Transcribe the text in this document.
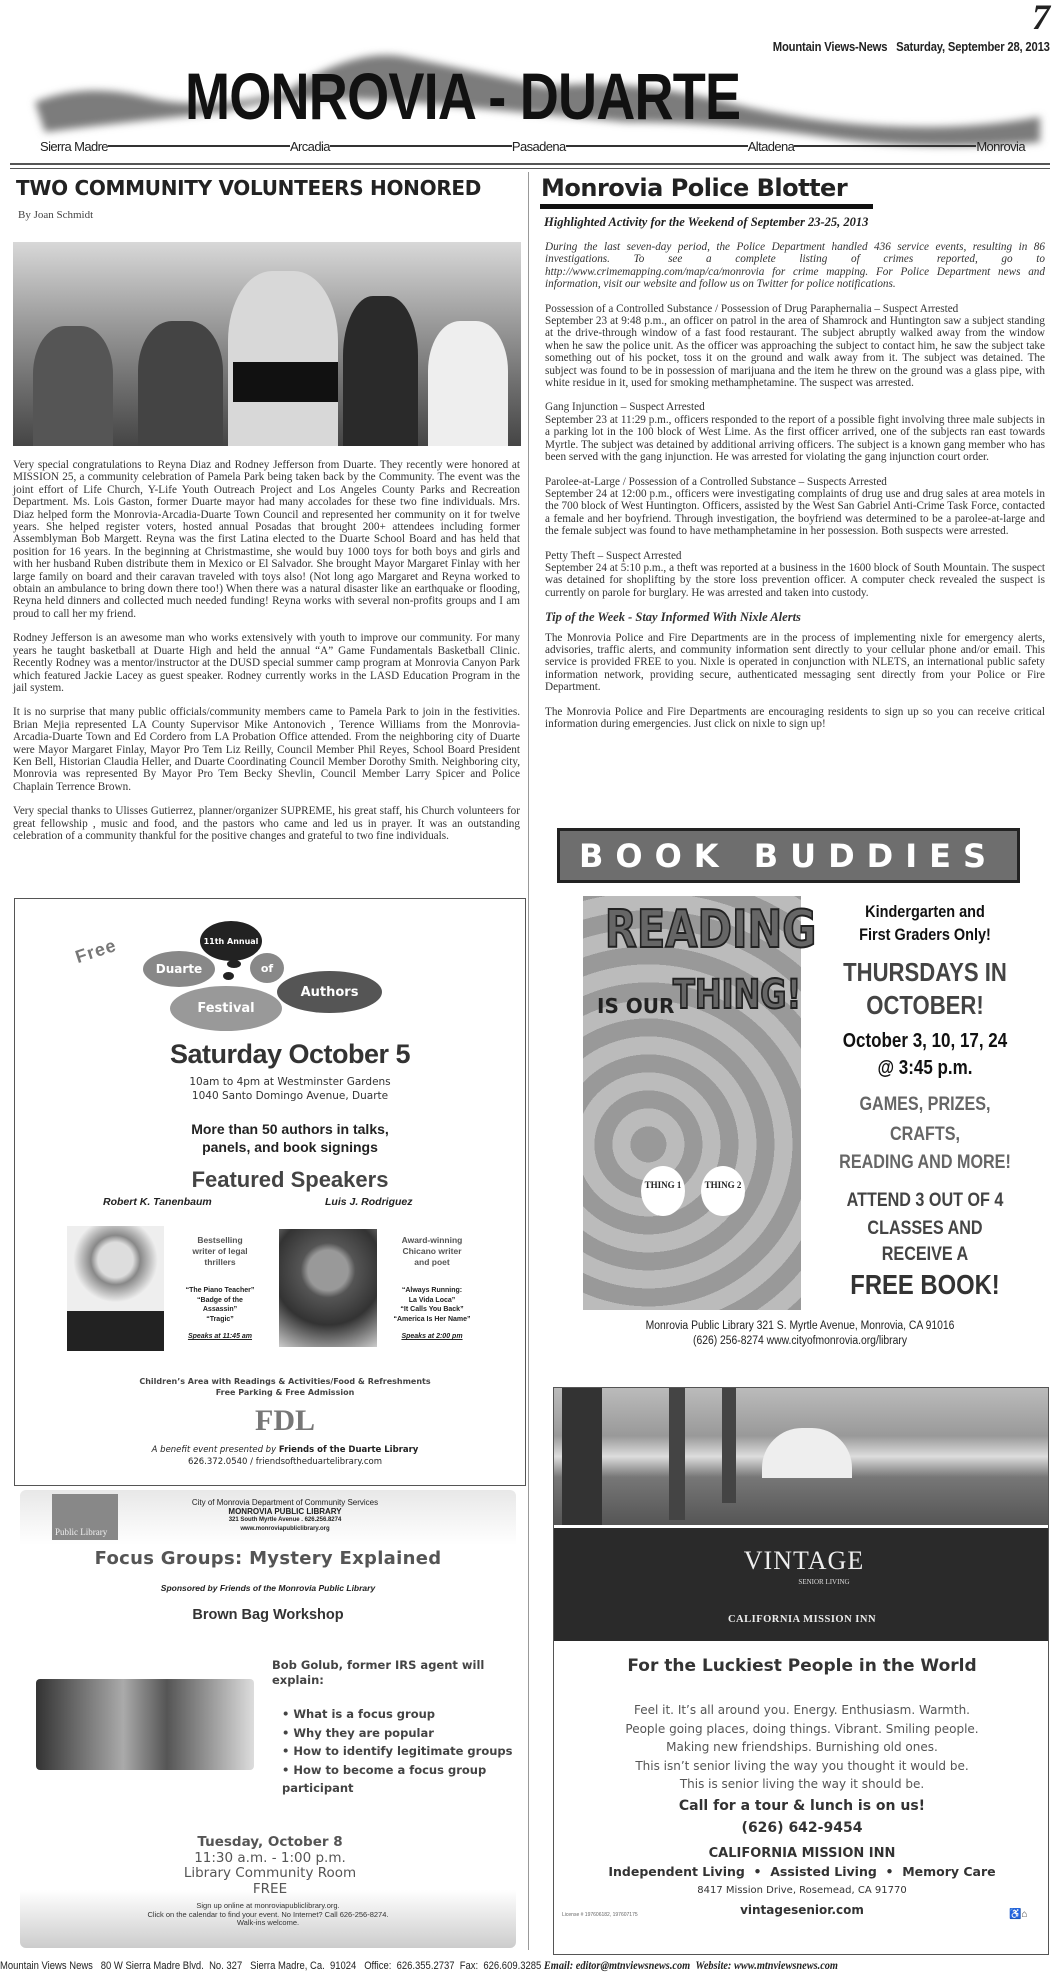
7
Mountain Views-News Saturday, September 28, 2013
MONROVIA - DUARTE
Sierra Madre	Arcadia	Pasadena	Altadena	Monrovia
TWO COMMUNITY VOLUNTEERS HONORED
By Joan Schmidt

Very special congratulations to Reyna Diaz and Rodney Jefferson from Duarte. They recently were honored at MISSION 25, a community celebration of Pamela Park being taken back by the Community. The event was the joint effort of Life Church, Y-Life Youth Outreach Project and Los Angeles County Parks and Recreation Department. Ms. Lois Gaston, former Duarte mayor had many accolades for these two fine individuals. Mrs. Diaz helped form the Monrovia-Arcadia-Duarte Town Council and represented her community on it for twelve years. She helped register voters, hosted annual Posadas that brought 200+ attendees including former Assemblyman Bob Margett. Reyna was the first Latina elected to the Duarte School Board and has held that position for 16 years. In the beginning at Christmastime, she would buy 1000 toys for both boys and girls and with her husband Ruben distribute them in Mexico or El Salvador. She brought Mayor Margaret Finlay with her large family on board and their caravan traveled with toys also! (Not long ago Margaret and Reyna worked to obtain an ambulance to bring down there too!) When there was a natural disaster like an earthquake or flooding, Reyna held dinners and collected much needed funding! Reyna works with several non-profits groups and I am proud to call her my friend.

Rodney Jefferson is an awesome man who works extensively with youth to improve our community. For many years he taught basketball at Duarte High and held the annual “A” Game Fundamentals Basketball Clinic. Recently Rodney was a mentor/instructor at the DUSD special summer camp program at Monrovia Canyon Park which featured Jackie Lacey as guest speaker. Rodney currently works in the LASD Education Program in the jail system.

It is no surprise that many public officials/community members came to Pamela Park to join in the festivities. Brian Mejia represented LA County Supervisor Mike Antonovich , Terence Williams from the Monrovia-Arcadia-Duarte Town and Ed Cordero from LA Probation Office attended. From the neighboring city of Duarte were Mayor Margaret Finlay, Mayor Pro Tem Liz Reilly, Council Member Phil Reyes, School Board President Ken Bell, Historian Claudia Heller, and Duarte Coordinating Council Member Dorothy Smith. Neighboring city, Monrovia was represented By Mayor Pro Tem Becky Shevlin, Council Member Larry Spicer and Police Chaplain Terrence Brown.

Very special thanks to Ulisses Gutierrez, planner/organizer SUPREME, his great staff, his Church volunteers for great fellowship , music and food, and the pastors who came and led us in prayer. It was an outstanding celebration of a community thankful for the positive changes and grateful to two fine individuals.

Free	11th Annual
Duarte	of
Authors
Festival
Saturday October 5
10am to 4pm at Westminster Gardens
1040 Santo Domingo Avenue, Duarte
More than 50 authors in talks,
panels, and book signings
Featured Speakers
Robert K. Tanenbaum	Luis J. Rodriguez
Bestselling
writer of legal
thrillers
“The Piano Teacher”
“Badge of the
Assassin”
“Tragic”
Speaks at 11:45 am
Award-winning
Chicano writer
and poet
“Always Running:
La Vida Loca”
“It Calls You Back”
“America Is Her Name”
Speaks at 2:00 pm
Children’s Area with Readings & Activities/Food & Refreshments
Free Parking & Free Admission
FDL
A benefit event presented by Friends of the Duarte Library
626.372.0540 / friendsoftheduartelibrary.com
Public Library
City of Monrovia Department of Community Services
MONROVIA PUBLIC LIBRARY
321 South Myrtle Avenue . 626.256.8274
www.monroviapubliclibrary.org
Focus Groups: Mystery Explained
Sponsored by Friends of the Monrovia Public Library
Brown Bag Workshop
Bob Golub, former IRS agent will explain:
• What is a focus group
• Why they are popular
• How to identify legitimate groups
• How to become a focus group participant
Tuesday, October 8
11:30 a.m. - 1:00 p.m.
Library Community Room
FREE
Sign up online at monroviapubliclibrary.org.
Click on the calendar to find your event. No Internet? Call 626-256-8274.
Walk-ins welcome.
Monrovia Police Blotter
Highlighted Activity for the Weekend of September 23-25, 2013

During the last seven-day period, the Police Department handled 436 service events, resulting in 86 investigations. To see a complete listing of crimes reported, go to http://www.crimemapping.com/map/ca/monrovia for crime mapping. For Police Department news and information, visit our website and follow us on Twitter for police notifications.

Possession of a Controlled Substance / Possession of Drug Paraphernalia – Suspect Arrested
September 23 at 9:48 p.m., an officer on patrol in the area of Shamrock and Huntington saw a subject standing at the drive-through window of a fast food restaurant. The subject abruptly walked away from the window when he saw the police unit. As the officer was approaching the subject to contact him, he saw the subject take something out of his pocket, toss it on the ground and walk away from it. The subject was detained. The subject was found to be in possession of marijuana and the item he threw on the ground was a glass pipe, with white residue in it, used for smoking methamphetamine. The suspect was arrested.

Gang Injunction – Suspect Arrested
September 23 at 11:29 p.m., officers responded to the report of a possible fight involving three male subjects in a parking lot in the 100 block of West Lime. As the first officer arrived, one of the subjects ran east towards Myrtle. The subject was detained by additional arriving officers. The subject is a known gang member who has been served with the gang injunction. He was arrested for violating the gang injunction court order.

Parolee-at-Large / Possession of a Controlled Substance – Suspects Arrested
September 24 at 12:00 p.m., officers were investigating complaints of drug use and drug sales at area motels in the 700 block of West Huntington. Officers, assisted by the West San Gabriel Anti-Crime Task Force, contacted a female and her boyfriend. Through investigation, the boyfriend was determined to be a parolee-at-large and the female subject was found to have methamphetamine in her possession. Both suspects were arrested.

Petty Theft – Suspect Arrested
September 24 at 5:10 p.m., a theft was reported at a business in the 1600 block of South Mountain. The suspect was detained for shoplifting by the store loss prevention officer. A computer check revealed the suspect is currently on parole for burglary. He was arrested and taken into custody.

Tip of the Week - Stay Informed With Nixle Alerts

The Monrovia Police and Fire Departments are in the process of implementing nixle for emergency alerts, advisories, traffic alerts, and community information sent directly to your cellular phone and/or email. This service is provided FREE to you. Nixle is operated in conjunction with NLETS, an international public safety information network, providing secure, authenticated messaging sent directly from your Police or Fire Department.

The Monrovia Police and Fire Departments are encouraging residents to sign up so you can receive critical information during emergencies. Just click on nixle to sign up!

BOOK BUDDIES
READING
IS OUR
THING!
THING 1	THING 2
Kindergarten and
First Graders Only!
THURSDAYS IN
OCTOBER!
October 3, 10, 17, 24
@ 3:45 p.m.
GAMES, PRIZES, CRAFTS,
READING AND MORE!
ATTEND 3 OUT OF 4
CLASSES AND RECEIVE A
FREE BOOK!
Monrovia Public Library 321 S. Myrtle Avenue, Monrovia, CA 91016
(626) 256-8274 www.cityofmonrovia.org/library
VINTAGE
SENIOR LIVING
CALIFORNIA MISSION INN
For the Luckiest People in the World
Feel it. It’s all around you. Energy. Enthusiasm. Warmth.
People going places, doing things. Vibrant. Smiling people.
Making new friendships. Burnishing old ones.
This isn’t senior living the way you thought it would be.
This is senior living the way it should be.
Call for a tour & lunch is on us!
(626) 642-9454
CALIFORNIA MISSION INN
Independent Living  •  Assisted Living  •  Memory Care
8417 Mission Drive, Rosemead, CA 91770
vintagesenior.com
License # 197606182, 197607175	♿⌂
Mountain Views News   80 W Sierra Madre Blvd.  No. 327   Sierra Madre, Ca.  91024   Office:  626.355.2737  Fax:  626.609.3285 Email: editor@mtnviewsnews.com Website: www.mtnviewsnews.com
